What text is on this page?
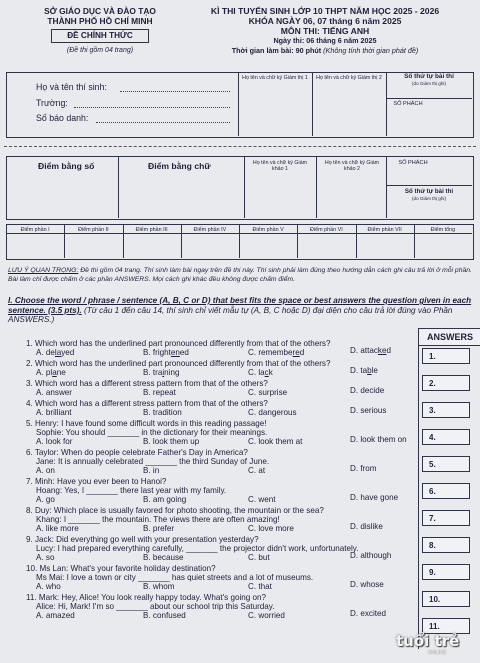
SỞ GIÁO DỤC VÀ ĐÀO TẠO
THÀNH PHỐ HỒ CHÍ MINH
ĐỀ CHÍNH THỨC
(Đề thi gồm 04 trang)
KÌ THI TUYỂN SINH LỚP 10 THPT NĂM HỌC 2025 - 2026
KHÓA NGÀY 06, 07 tháng 6 năm 2025
MÔN THI: TIẾNG ANH
Ngày thi: 06 tháng 6 năm 2025
Thời gian làm bài: 90 phút (Không tính thời gian phát đề)
Họ và tên thí sinh:
Trường:
Số báo danh:
Họ tên và chữ ký Giám thị 1 Họ tên và chữ ký Giám thị 2	Số thứ tự bài thi
(do Giám thị ghi)
SỐ PHÁCH
Điểm bằng số	Điểm bằng chữ	Họ tên và chữ ký Giám khảo 1
Họ tên và chữ ký Giám khảo 2
SỐ PHÁCH
Số thứ tự bài thi
(do Giám thị ghi)
Điểm phần I	Điểm phần II	Điểm phần III	Điểm phần IV	Điểm phần V	Điểm phần VI	Điểm phần VII	Điểm tổng
LƯU Ý QUAN TRỌNG: Đề thi gồm 04 trang. Thí sinh làm bài ngay trên đề thi này. Thí sinh phải làm đúng theo hướng dẫn cách ghi câu trả lời ở mỗi phần. Bài làm chỉ được chấm ở các phần ANSWERS. Mọi cách ghi khác đều không được chấm điểm.
I. Choose the word / phrase / sentence (A, B, C or D) that best fits the space or best answers the question given in each sentence. (3.5 pts). (Từ câu 1 đến câu 14, thí sinh chỉ viết mẫu tự (A, B, C hoặc D) đại diện cho câu trả lời đúng vào Phần ANSWERS.)
ANSWERS
1.
2.
3.
4.
5.
6.
7.
8.
9.
10.
11.
1. Which word has the underlined part pronounced differently from that of the others?
A. delayed	B. frightened	C. remembered	D. attacked
2. Which word has the underlined part pronounced differently from that of the others?
A. plane	B. training	C. lack	D. table
3. Which word has a different stress pattern from that of the others?
A. answer	B. repeat	C. surprise	D. decide
4. Which word has a different stress pattern from that of the others?
A. brilliant	B. tradition	C. dangerous	D. serious
5. Henry: I have found some difficult words in this reading passage!
Sophie: You should _______ in the dictionary for their meanings.
A. look for	B. look them up	C. look them at	D. look them on
6. Taylor: When do people celebrate Father's Day in America?
Jane: It is annually celebrated _______ the third Sunday of June.
A. on	B. in	C. at	D. from
7. Minh: Have you ever been to Hanoi?
Hoang: Yes, I _______ there last year with my family.
A. go	B. am going	C. went	D. have gone
8. Duy: Which place is usually favored for photo shooting, the mountain or the sea?
Khang: I _______ the mountain. The views there are often amazing!
A. like more	B. prefer	C. love more	D. dislike
9. Jack: Did everything go well with your presentation yesterday?
Lucy: I had prepared everything carefully, _______ the projector didn't work, unfortunately.
A. so	B. because	C. but	D. although
10. Ms Lan: What's your favorite holiday destination?
Ms Mai: I love a town or city _______ has quiet streets and a lot of museums.
A. who	B. whom	C. that	D. whose
11. Mark: Hey, Alice! You look really happy today. What's going on?
Alice: Hi, Mark! I'm so _______ about our school trip this Saturday.
A. amazed	B. confused	C. worried	D. excited
tuổi trẻ
ONLINE
